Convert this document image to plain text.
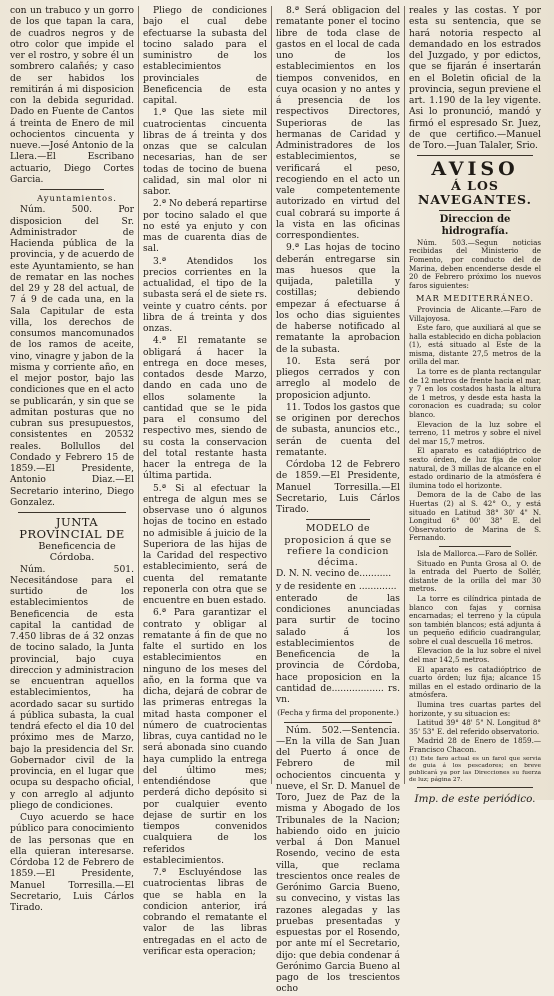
con un trabuco y un gorro de los que tapan la cara, de cuadros negros y de otro color que impide el ver el rostro, y sobre él un sombrero calañés; y caso de ser habidos los remitirán á mi disposicion con la debida seguridad. Dado en Fuente de Cantos á treinta de Enero de mil ochocientos cincuenta y nueve.—José Antonio de la Llera.—El Escribano actuario, Diego Cortes Garcia.

Ayuntamientos.

Núm. 500. Por disposicion del Sr. Administrador de Hacienda pública de la provincia, y de acuerdo de este Ayuntamiento, se han de rematar en las noches del 29 y 28 del actual, de 7 á 9 de cada una, en la Sala Capitular de esta villa, los derechos de consumos mancomunados de los ramos de aceite, vino, vinagre y jabon de la misma y corriente año, en el mejor postor, bajo las condiciones que en el acto se publicarán, y sin que se admitan posturas que no cubran sus presupuestos, consistentes en 20532 reales. Bollullos del Condado y Febrero 15 de 1859.—El Presidente, Antonio Diaz.—El Secretario interino, Diego Gonzalez.

JUNTA PROVINCIAL DE

Beneficencia de Córdoba.

Núm. 501. Necesitándose para el surtido de los establecimientos de Beneficencia de esta capital la cantidad de 7.450 libras de á 32 onzas de tocino salado, la Junta provincial, bajo cuya direccion y administracion se encuentran aquellos establecimientos, ha acordado sacar su surtido á pública subasta, la cual tendrá efecto el dia 10 del próximo mes de Marzo, bajo la presidencia del Sr. Gobernador civil de la provincia, en el lugar que ocupa su despacho oficial, y con arreglo al adjunto pliego de condiciones.

Cuyo acuerdo se hace público para conocimiento de las personas que en ella quieran interesarse. Córdoba 12 de Febrero de 1859.—El Presidente, Manuel Torresilla.—El Secretario, Luis Cárlos Tirado.

Pliego de condiciones bajo el cual debe efectuarse la subasta del tocino salado para el suministro de los establecimientos provinciales de Beneficencia de esta capital.

1.ª Que las siete mil cuatrocientas cincuenta libras de á treinta y dos onzas que se calculan necesarias, han de ser todas de tocino de buena calidad, sin mal olor ni sabor.

2.ª No deberá repartirse por tocino salado el que no esté ya enjuto y con mas de cuarenta dias de sal.

3.ª Atendidos los precios corrientes en la actualidad, el tipo de la subasta será el de siete rs. veinte y cuatro cénts. por libra de á treinta y dos onzas.

4.ª El rematante se obligará á hacer la entrega en doce meses, contados desde Marzo, dando en cada uno de ellos solamente la cantidad que se le pida para el consumo del respectivo mes, siendo de su costa la conservacion del total restante hasta hacer la entrega de la última partida.

5.ª Si al efectuar la entrega de algun mes se observase uno ó algunos hojas de tocino en estado no admisible á juicio de la Superiora de las hijas de la Caridad del respectivo establecimiento, será de cuenta del rematante reponerla con otra que se encuentre en buen estado.

6.ª Para garantizar el contrato y obligar al rematante á fin de que no falte el surtido en los establecimientos en ninguno de los meses del año, en la forma que va dicha, dejará de cobrar de las primeras entregas la mitad hasta componer el número de cuatrocientas libras, cuya cantidad no le será abonada sino cuando haya cumplido la entrega del último mes; entendiéndose que perderá dicho depósito si por cualquier evento dejase de surtir en los tiempos convenidos cualquiera de los referidos establecimientos.

7.ª Escluyéndose las cuatrocientas libras de que se habla en la condicion anterior, irá cobrando el rematante el valor de las libras entregadas en el acto de verificar esta operacion;

8.ª Será obligacion del rematante poner el tocino libre de toda clase de gastos en el local de cada uno de los establecimientos en los tiempos convenidos, en cuya ocasion y no antes y á presencia de los respectivos Directores, Superioras de las hermanas de Caridad y Administradores de los establecimientos, se verificará el peso, recogiendo en el acto un vale competentemente autorizado en virtud del cual cobrará su importe á la vista en las oficinas correspondientes.

9.ª Las hojas de tocino deberán entregarse sin mas huesos que la quijada, paletilla y costillas; debiendo empezar á efectuarse á los ocho dias siguientes de haberse notificado al rematante la aprobacion de la subasta.

10. Esta será por pliegos cerrados y con arreglo al modelo de proposicion adjunto.

11. Todos los gastos que se originen por derechos de subasta, anuncios etc., serán de cuenta del rematante.

Córdoba 12 de Febrero de 1859.—El Presidente, Manuel Torresilla.—El Secretario, Luis Cárlos Tirado.

MODELO de proposicion á que se refiere la condicion décima.

D. N. N. vecino de...........

y de residente en .............

enterado de las condiciones anunciadas para surtir de tocino salado á los establecimientos de Beneficencia de la provincia de Córdoba, hace proposicion en la cantidad de.................. rs. vn.

(Fecha y firma del proponente.)

Núm. 502.—Sentencia.—En la villa de San Juan del Puerto á once de Febrero de mil ochocientos cincuenta y nueve, el Sr. D. Manuel de Toro, Juez de Paz de la misma y Abogado de los Tribunales de la Nacion; habiendo oido en juicio verbal á Don Manuel Rosendo, vecino de esta villa, que reclama trescientos once reales de Gerónimo Garcia Bueno, su convecino, y vistas las razones alegadas y las pruebas presentadas y espuestas por el Rosendo, por ante mí el Secretario, dijo: que debia condenar á Gerónimo Garcia Bueno al pago de los trescientos ocho

reales y las costas. Y por esta su sentencia, que se hará notoria respecto al demandado en los estrados del Juzgado, y por edictos, que se fijarán é insertarán en el Boletin oficial de la provincia, segun previene el art. 1.190 de la ley vigente. Asi lo pronunció, mandó y firmó el espresado Sr. Juez, de que certifico.—Manuel de Toro.—Juan Talaler, Srio.

AVISO
Á LOS NAVEGANTES.
Direccion de hidrografía.

Núm. 503.—Segun noticias recibidas del Ministerio de Fomento, por conducto del de Marina, deben encenderse desde el 20 de Febrero próximo los nuevos faros siguientes:

MAR MEDITERRÁNEO.

Provincia de Alicante.—Faro de Villajoyosa.

Este faro, que auxiliará al que se halla establecido en dicha poblacion (1), está situado al Este de la misma, distante 27,5 metros de la orilla del mar.

La torre es de planta rectangular de 12 metros de frente hacia el mar, y 7 en los costados hasta la altura de 1 metros, y desde esta hasta la coronacion es cuadrada; su color blanco.

Elevacion de la luz sobre el terreno, 11 metros y sobre el nivel del mar 15,7 metros.

El aparato es catadióptrico de sexto órden, de luz fija de color natural, de 3 millas de alcance en el estado ordinario de la atmósfera é ilumina todo el horizonte.

Demora de la de Cabo de las Huertas (2) al S. 42° O., y está situado en Latitud 38° 30' 4" N. Longitud 6° 00' 38" E. del Observatorio de Marina de S. Fernando.

Isla de Mallorca.—Faro de Sollér.

Situado en Punta Grosa al O. de la entrada del Puerto de Sollér, distante de la orilla del mar 30 metros.

La torre es cilíndrica pintada de blanco con fajas y cornisa encarnadas; el terreno y la cúpula son también blancos; está adjunta á un pequeño edificio cuadrangular, sobre el cual descuella 16 metros.

Elevacion de la luz sobre el nivel del mar 142,5 metros.

El aparato es catadióptrico de cuarto órden; luz fija; alcance 15 millas en el estado ordinario de la atmósfera.

Ilumina tres cuartas partes del horizonte, y su situacion es:

Latitud 39° 48' 5" N. Longitud 8° 35' 53" E. del referido observatorio.

Madrid 28 de Enero de 1859.—Francisco Chacon.

(1) Este faro actual es un farol que servia de guia á los pescadores; en breve publicará ya por las Direcciones su fuerza de luz; página 27.

Imp. de este periódico.
